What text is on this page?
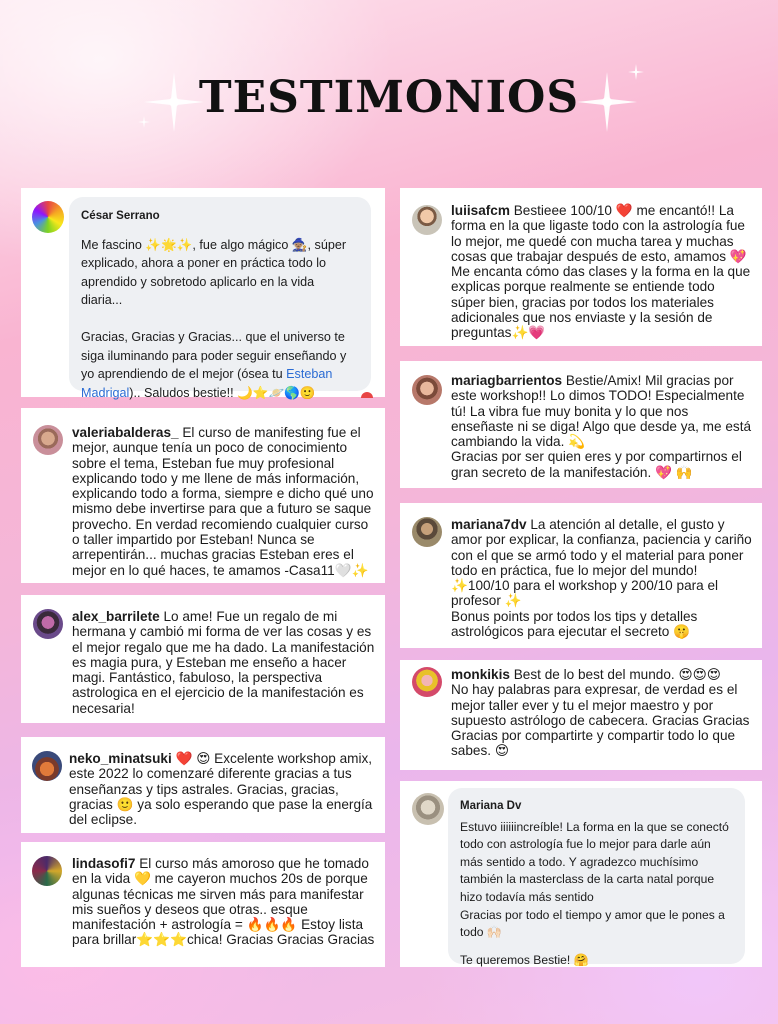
TESTIMONIOS
César Serrano
Me fascino ✨🌟✨, fue algo mágico 🧙🏽, súper explicado, ahora a poner en práctica todo lo aprendido y sobretodo aplicarlo en la vida diaria...
Gracias, Gracias y Gracias... que el universo te siga iluminando para poder seguir enseñando y yo aprendiendo de el mejor (ósea tu Esteban Madrigal).. Saludos bestie!! 🌙⭐🪐🌎🙂
luiisafcm Bestieee 100/10 ❤️ me encantó!! La forma en la que ligaste todo con la astrología fue lo mejor, me quedé con mucha tarea y muchas cosas que trabajar después de esto, amamos 💖
Me encanta cómo das clases y la forma en la que explicas porque realmente se entiende todo súper bien, gracias por todos los materiales adicionales que nos enviaste y la sesión de preguntas✨💗
valeriabalderas_ El curso de manifesting fue el mejor, aunque tenía un poco de conocimiento sobre el tema, Esteban fue muy profesional explicando todo y me llene de más información, explicando todo a forma, siempre e dicho qué uno mismo debe invertirse para que a futuro se saque provecho. En verdad recomiendo cualquier curso o taller impartido por Esteban! Nunca se arrepentirán... muchas gracias Esteban eres el mejor en lo qué haces, te amamos -Casa11🤍✨
mariagbarrientos Bestie/Amix! Mil gracias por este workshop!! Lo dimos TODO! Especialmente tú! La vibra fue muy bonita y lo que nos enseñaste ni se diga! Algo que desde ya, me está cambiando la vida. 💫
Gracias por ser quien eres y por compartirnos el gran secreto de la manifestación. 💖 🙌
mariana7dv La atención al detalle, el gusto y amor por explicar, la confianza, paciencia y cariño con el que se armó todo y el material para poner todo en práctica, fue lo mejor del mundo! ✨100/10 para el workshop y 200/10 para el profesor ✨
Bonus points por todos los tips y detalles astrológicos para ejecutar el secreto 🤫
alex_barrilete Lo ame! Fue un regalo de mi hermana y cambió mi forma de ver las cosas y es el mejor regalo que me ha dado. La manifestación es magia pura, y Esteban me enseño a hacer magi. Fantástico, fabuloso, la perspectiva astrologica en el ejercicio de la manifestación es necesaria!
monkikis Best de lo best del mundo. 😍😍😍
No hay palabras para expresar, de verdad es el mejor taller ever y tu el mejor maestro y por supuesto astrólogo de cabecera. Gracias Gracias Gracias por compartirte y compartir todo lo que sabes. 😍
neko_minatsuki ❤️ 😍 Excelente workshop amix, este 2022 lo comenzaré diferente gracias a tus enseñanzas y tips astrales. Gracias, gracias, gracias 🙂 ya solo esperando que pase la energía del eclipse.
Mariana Dv
Estuvo iiiiiincreíble! La forma en la que se conectó todo con astrología fue lo mejor para darle aún más sentido a todo. Y agradezco muchísimo también la masterclass de la carta natal porque hizo todavía más sentido
Gracias por todo el tiempo y amor que le pones a todo 🙌🏻
Te queremos Bestie! 🤗
lindasofi7 El curso más amoroso que he tomado en la vida 💛 me cayeron muchos 20s de porque algunas técnicas me sirven más para manifestar mis sueños y deseos que otras.. esque manifestación + astrología = 🔥🔥🔥 Estoy lista para brillar⭐⭐⭐chica! Gracias Gracias Gracias
